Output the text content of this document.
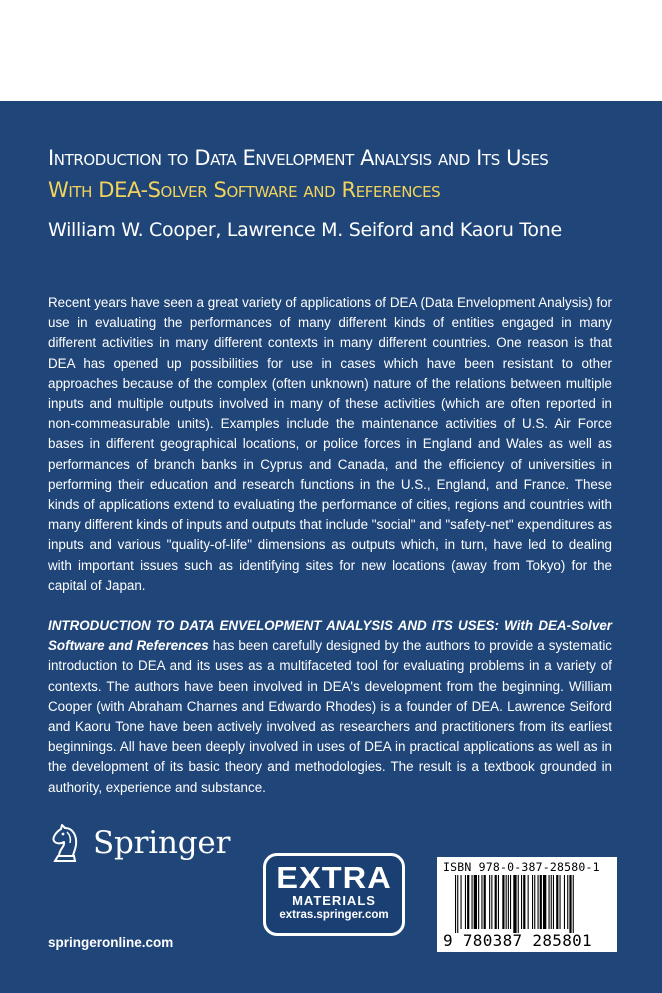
Introduction to Data Envelopment Analysis and Its Uses
With DEA-Solver Software and References
William W. Cooper, Lawrence M. Seiford and Kaoru Tone

Recent years have seen a great variety of applications of DEA (Data Envelopment Analysis) for use in evaluating the performances of many different kinds of entities engaged in many different activities in many different contexts in many different countries. One reason is that DEA has opened up possibilities for use in cases which have been resistant to other approaches because of the complex (often unknown) nature of the relations between multiple inputs and multiple outputs involved in many of these activities (which are often reported in non-commeasurable units). Examples include the maintenance activities of U.S. Air Force bases in different geographical locations, or police forces in England and Wales as well as performances of branch banks in Cyprus and Canada, and the efficiency of universities in performing their education and research functions in the U.S., England, and France. These kinds of applications extend to evaluating the performance of cities, regions and countries with many different kinds of inputs and outputs that include "social" and "safety-net" expenditures as inputs and various "quality-of-life" dimensions as outputs which, in turn, have led to dealing with important issues such as identifying sites for new locations (away from Tokyo) for the capital of Japan.

INTRODUCTION TO DATA ENVELOPMENT ANALYSIS AND ITS USES: With DEA-Solver Software and References has been carefully designed by the authors to provide a systematic introduction to DEA and its uses as a multifaceted tool for evaluating problems in a variety of contexts. The authors have been involved in DEA's development from the beginning. William Cooper (with Abraham Charnes and Edwardo Rhodes) is a founder of DEA. Lawrence Seiford and Kaoru Tone have been actively involved as researchers and practitioners from its earliest beginnings. All have been deeply involved in uses of DEA in practical applications as well as in the development of its basic theory and methodologies. The result is a textbook grounded in authority, experience and substance.

Springer
springeronline.com
EXTRA
MATERIALS
extras.springer.com
ISBN 978-0-387-28580-1
9 780387 285801
